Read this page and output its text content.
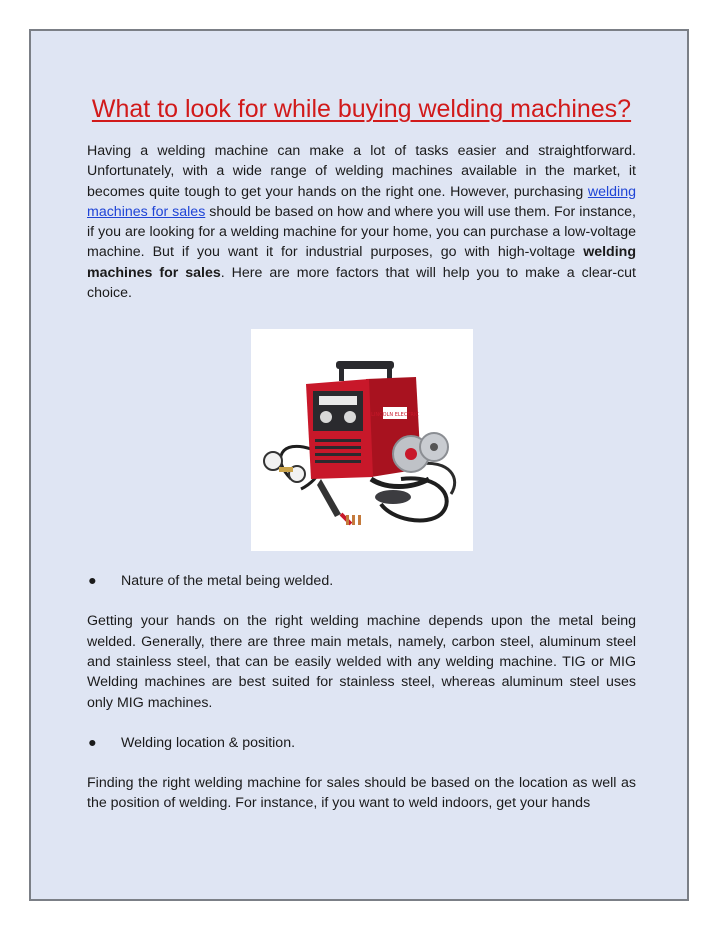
What to look for while buying welding machines?

Having a welding machine can make a lot of tasks easier and straightforward. Unfortunately, with a wide range of welding machines available in the market, it becomes quite tough to get your hands on the right one. However, purchasing welding machines for sales should be based on how and where you will use them. For instance, if you are looking for a welding machine for your home, you can purchase a low-voltage machine. But if you want it for industrial purposes, go with high-voltage welding machines for sales. Here are more factors that will help you to make a clear-cut choice.

LINCOLN ELECTRIC
●	Nature of the metal being welded.

Getting your hands on the right welding machine depends upon the metal being welded. Generally, there are three main metals, namely, carbon steel, aluminum steel and stainless steel, that can be easily welded with any welding machine. TIG or MIG Welding machines are best suited for stainless steel, whereas aluminum steel uses only MIG machines.

●	Welding location & position.

Finding the right welding machine for sales should be based on the location as well as the position of welding. For instance, if you want to weld indoors, get your hands
